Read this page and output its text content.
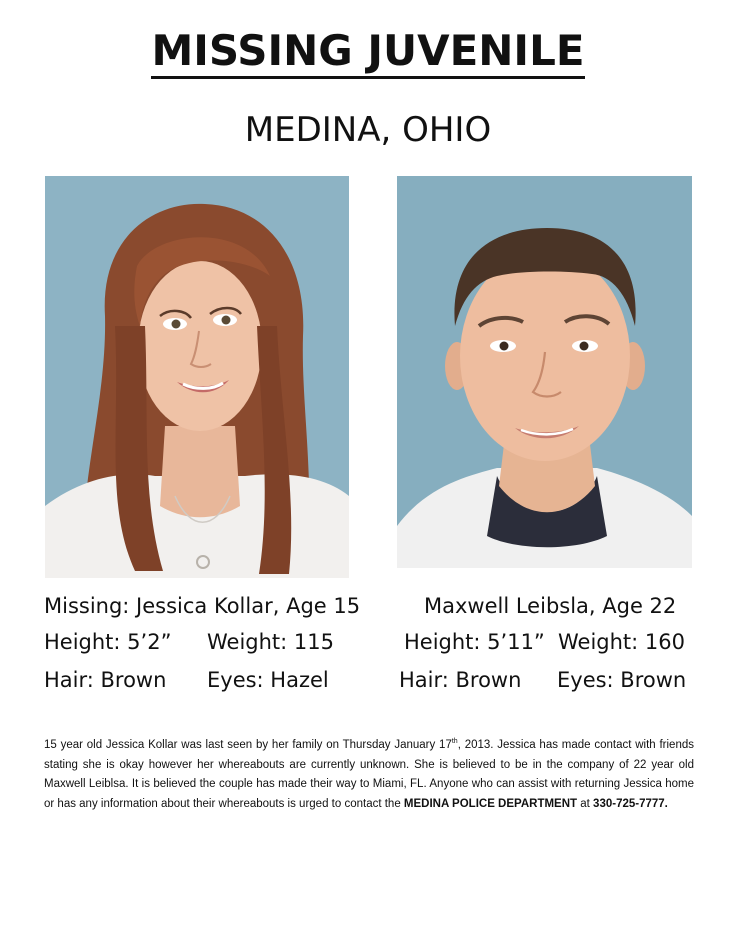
MISSING JUVENILE
MEDINA, OHIO
Missing: Jessica Kollar, Age 15
Height: 5’2” Weight: 115
Hair: Brown Eyes: Hazel
Maxwell Leibsla, Age 22
Height: 5’11” Weight: 160
Hair: Brown Eyes: Brown
15 year old Jessica Kollar was last seen by her family on Thursday January 17th, 2013. Jessica has made contact with friends stating she is okay however her whereabouts are currently unknown. She is believed to be in the company of 22 year old Maxwell Leiblsa. It is believed the couple has made their way to Miami, FL. Anyone who can assist with returning Jessica home or has any information about their whereabouts is urged to contact the MEDINA POLICE DEPARTMENT at 330-725-7777.
